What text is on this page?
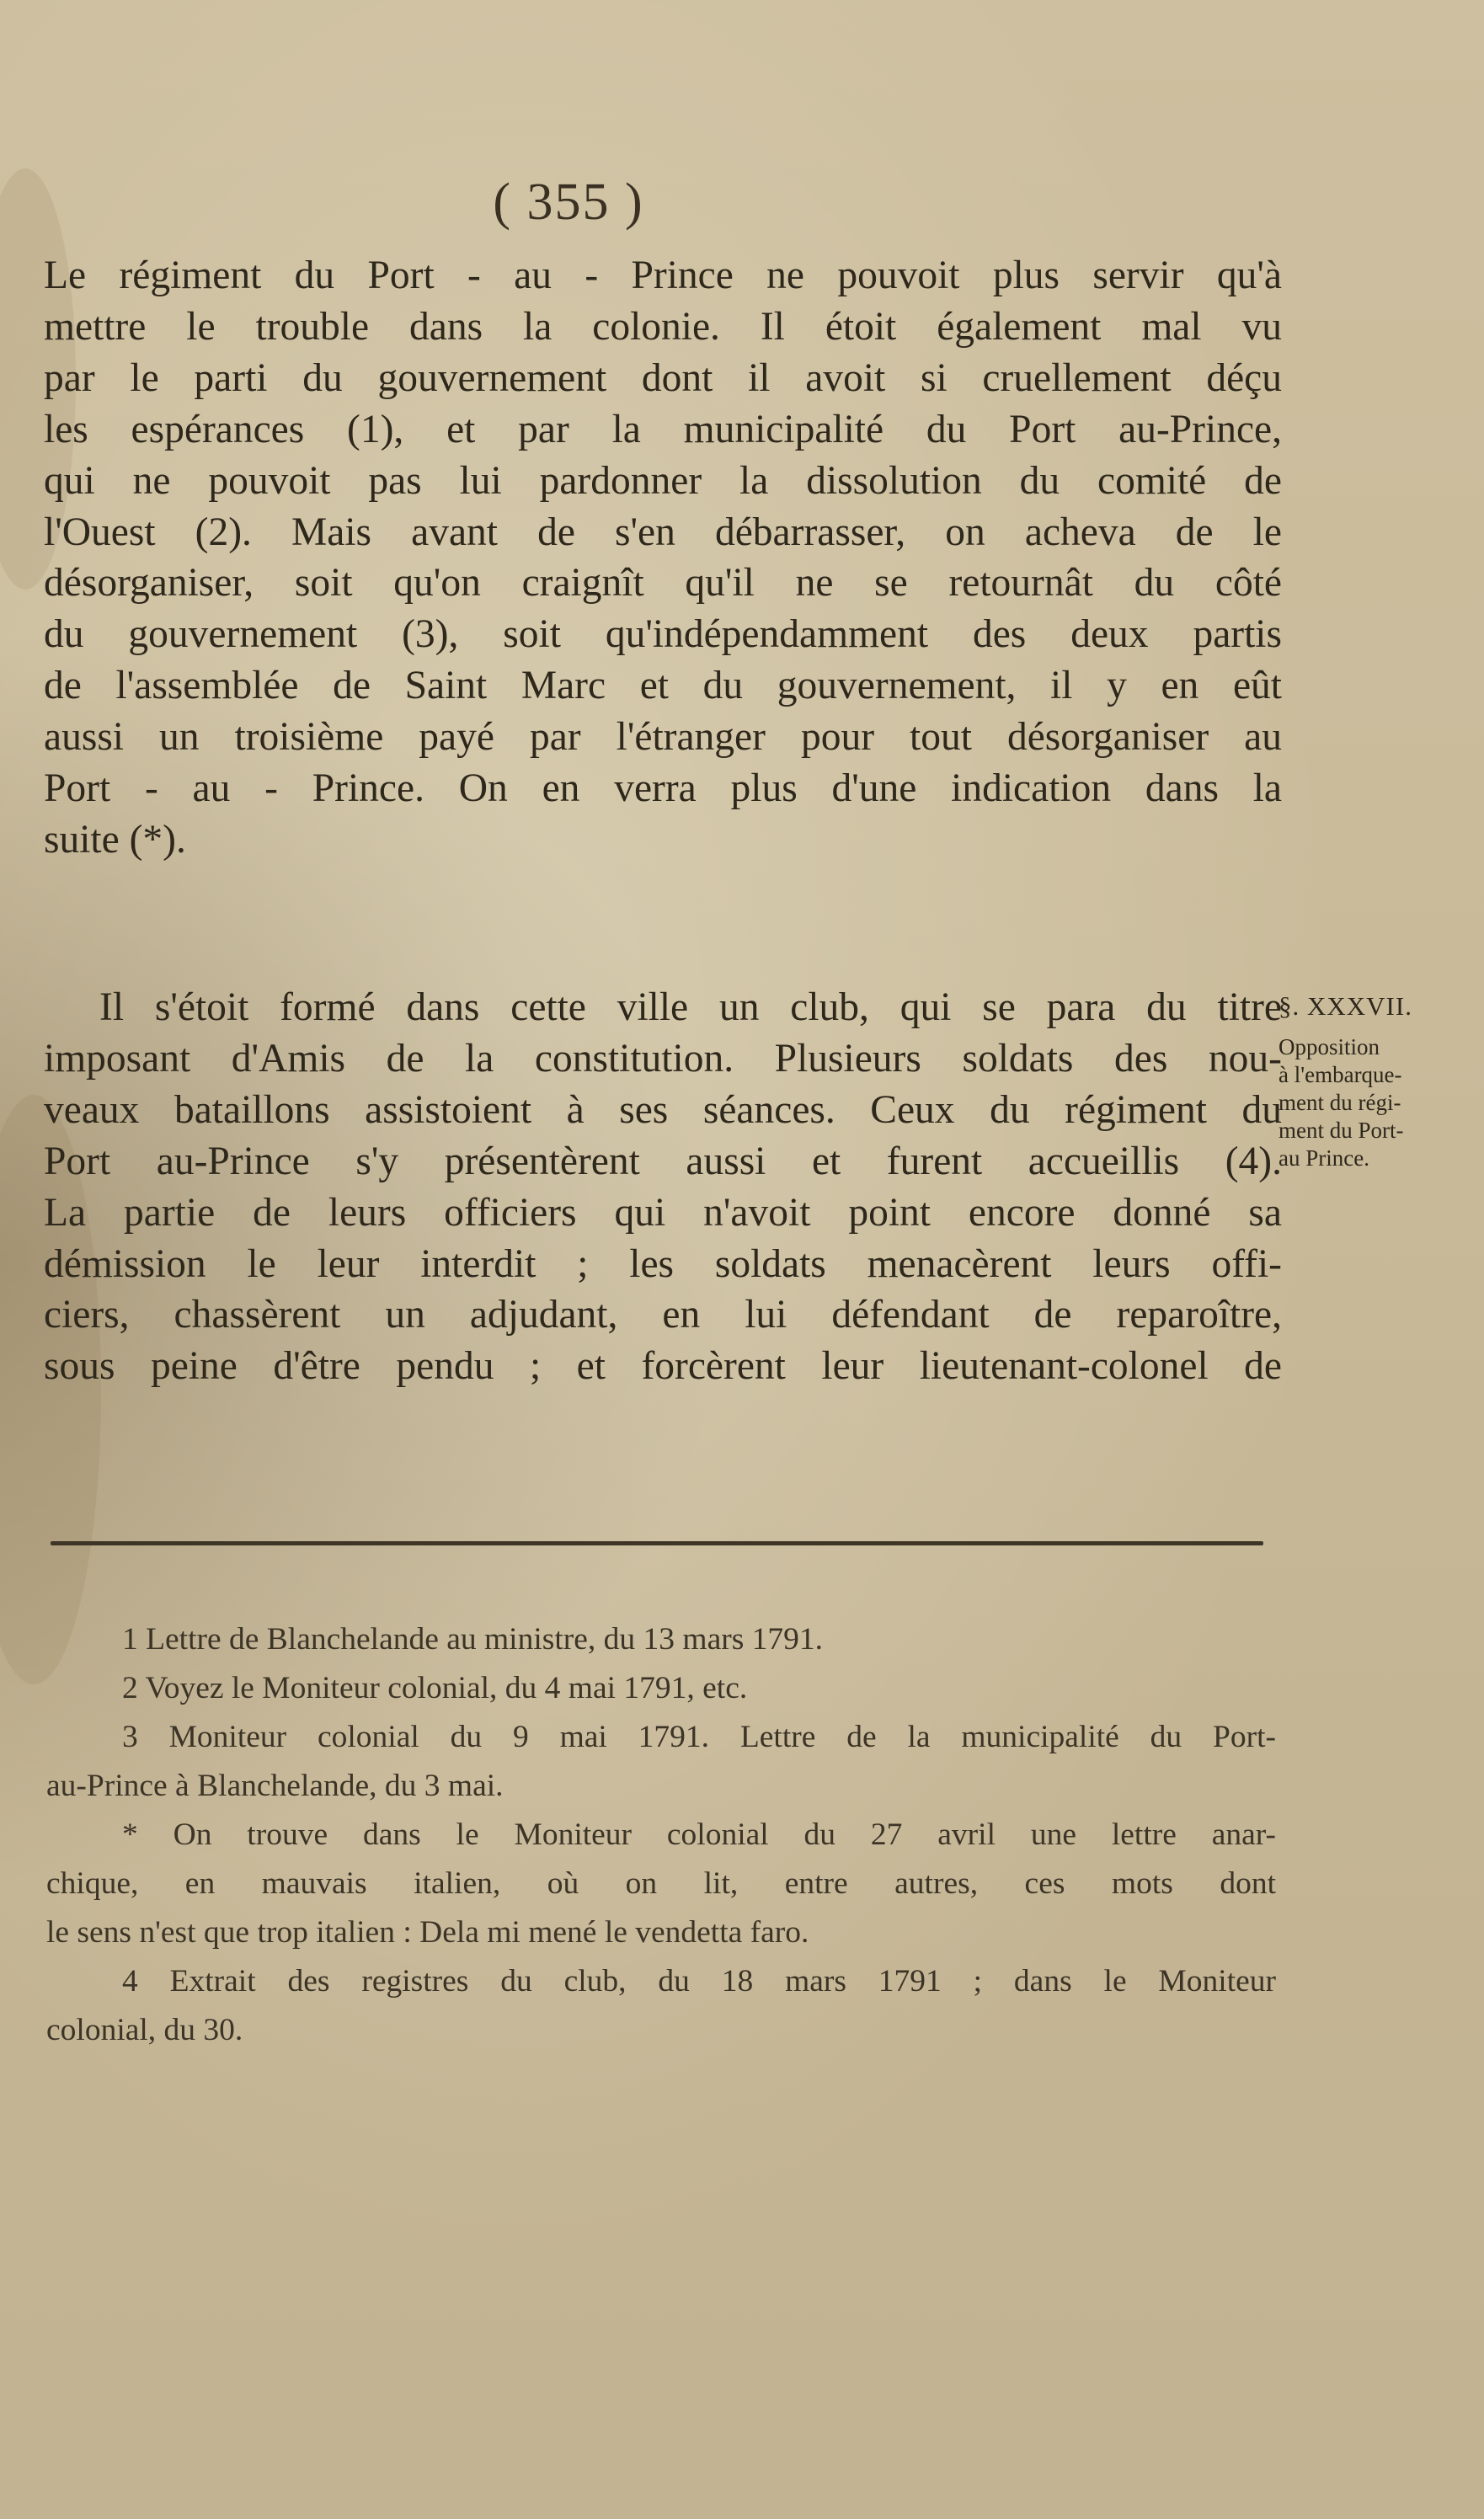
( 355 )
Le régiment du Port - au - Prince ne pouvoit plus servir qu'à
mettre le trouble dans la colonie. Il étoit également mal vu
par le parti du gouvernement dont il avoit si cruellement déçu
les espérances (1), et par la municipalité du Port au-Prince,
qui ne pouvoit pas lui pardonner la dissolution du comité de
l'Ouest (2). Mais avant de s'en débarrasser, on acheva de le
désorganiser, soit qu'on craignît qu'il ne se retournât du côté
du gouvernement (3), soit qu'indépendamment des deux partis
de l'assemblée de Saint Marc et du gouvernement, il y en eût
aussi un troisième payé par l'étranger pour tout désorganiser au
Port - au - Prince. On en verra plus d'une indication dans la
suite (*).
Il s'étoit formé dans cette ville un club, qui se para du titre
imposant d'Amis de la constitution. Plusieurs soldats des nou-
veaux bataillons assistoient à ses séances. Ceux du régiment du
Port au-Prince s'y présentèrent aussi et furent accueillis (4).
La partie de leurs officiers qui n'avoit point encore donné sa
démission le leur interdit ; les soldats menacèrent leurs offi-
ciers, chassèrent un adjudant, en lui défendant de reparoître,
sous peine d'être pendu ; et forcèrent leur lieutenant-colonel de
§. XXXVII.
Opposition
à l'embarque-
ment du régi-
ment du Port-
au Prince.
1 Lettre de Blanchelande au ministre, du 13 mars 1791.
2 Voyez le Moniteur colonial, du 4 mai 1791, etc.
3 Moniteur colonial du 9 mai 1791. Lettre de la municipalité du Port-
au-Prince à Blanchelande, du 3 mai.
* On trouve dans le Moniteur colonial du 27 avril une lettre anar-
chique, en mauvais italien, où on lit, entre autres, ces mots dont
le sens n'est que trop italien : Dela mi mené le vendetta faro.
4 Extrait des registres du club, du 18 mars 1791 ; dans le Moniteur
colonial, du 30.
